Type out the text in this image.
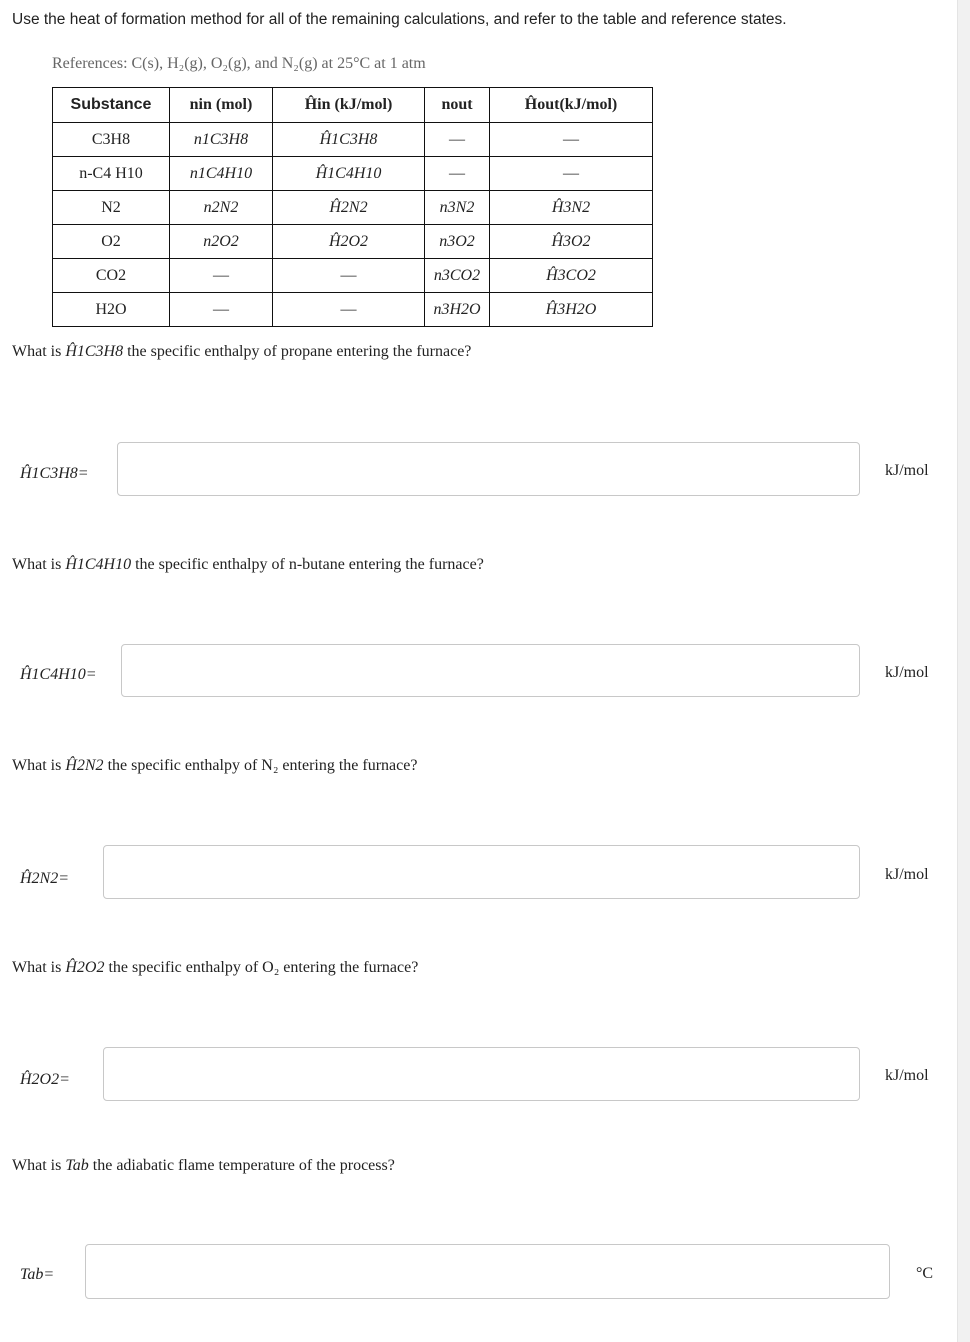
Use the heat of formation method for all of the remaining calculations, and refer to the table and reference states.
References: C(s), H₂(g), O₂(g), and N₂(g) at 25°C at 1 atm
Substance	nin (mol)	Ĥin (kJ/mol)	nout	Ĥout(kJ/mol)
C3H8	n1C3H8	Ĥ1C3H8	—	—
n-C4 H10	n1C4H10	Ĥ1C4H10	—	—
N2	n2N2	Ĥ2N2	n3N2	Ĥ3N2
O2	n2O2	Ĥ2O2	n3O2	Ĥ3O2
CO2	—	—	n3CO2	Ĥ3CO2
H2O	—	—	n3H2O	Ĥ3H2O
What is Ĥ1C3H8 the specific enthalpy of propane entering the furnace?
Ĥ1C3H8=	kJ/mol
What is Ĥ1C4H10 the specific enthalpy of n-butane entering the furnace?
Ĥ1C4H10=	kJ/mol
What is Ĥ2N2 the specific enthalpy of N₂ entering the furnace?
Ĥ2N2=	kJ/mol
What is Ĥ2O2 the specific enthalpy of O₂ entering the furnace?
Ĥ2O2=	kJ/mol
What is Tab the adiabatic flame temperature of the process?
Tab=	°C
